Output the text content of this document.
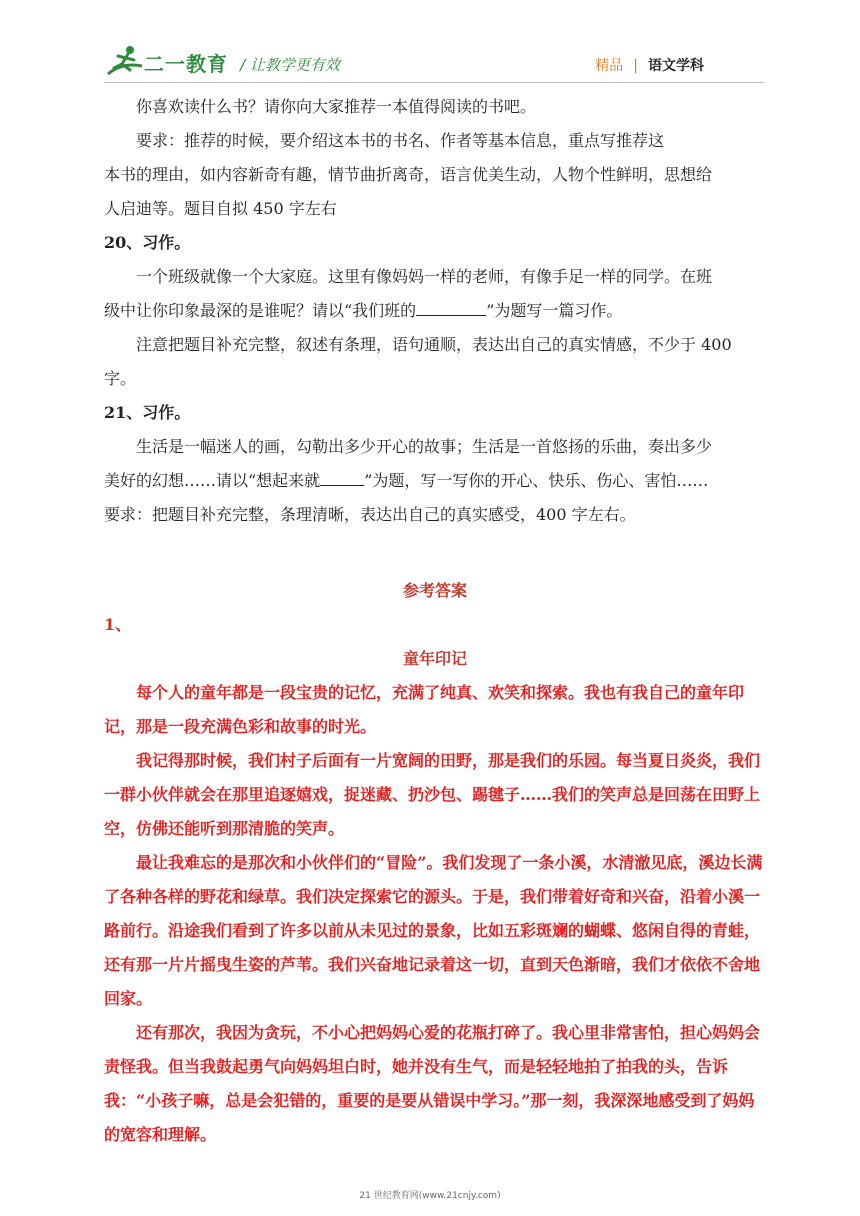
二一教育 / 让教学更有效	精品 | 语文学科

你喜欢读什么书？请你向大家推荐一本值得阅读的书吧。

要求：推荐的时候，要介绍这本书的书名、作者等基本信息，重点写推荐这

本书的理由，如内容新奇有趣，情节曲折离奇，语言优美生动，人物个性鲜明，思想给

人启迪等。题目自拟 450 字左右

20、习作。

一个班级就像一个大家庭。这里有像妈妈一样的老师，有像手足一样的同学。在班

级中让你印象最深的是谁呢？请以“我们班的	”为题写一篇习作。

注意把题目补充完整，叙述有条理，语句通顺，表达出自己的真实情感，不少于 400

字。

21、习作。

生活是一幅迷人的画，勾勒出多少开心的故事；生活是一首悠扬的乐曲，奏出多少

美好的幻想……请以“想起来就	”为题，写一写你的开心、快乐、伤心、害怕……

要求：把题目补充完整，条理清晰，表达出自己的真实感受，400 字左右。

参考答案

1、

童年印记

每个人的童年都是一段宝贵的记忆，充满了纯真、欢笑和探索。我也有我自己的童年印记，那是一段充满色彩和故事的时光。

我记得那时候，我们村子后面有一片宽阔的田野，那是我们的乐园。每当夏日炎炎，我们一群小伙伴就会在那里追逐嬉戏，捉迷藏、扔沙包、踢毽子……我们的笑声总是回荡在田野上空，仿佛还能听到那清脆的笑声。

最让我难忘的是那次和小伙伴们的“冒险”。我们发现了一条小溪，水清澈见底，溪边长满了各种各样的野花和绿草。我们决定探索它的源头。于是，我们带着好奇和兴奋，沿着小溪一路前行。沿途我们看到了许多以前从未见过的景象，比如五彩斑斓的蝴蝶、悠闲自得的青蛙，还有那一片片摇曳生姿的芦苇。我们兴奋地记录着这一切，直到天色渐暗，我们才依依不舍地回家。

还有那次，我因为贪玩，不小心把妈妈心爱的花瓶打碎了。我心里非常害怕，担心妈妈会责怪我。但当我鼓起勇气向妈妈坦白时，她并没有生气，而是轻轻地拍了拍我的头，告诉我：“小孩子嘛，总是会犯错的，重要的是要从错误中学习。”那一刻，我深深地感受到了妈妈的宽容和理解。

21 世纪教育网(www.21cnjy.com)
